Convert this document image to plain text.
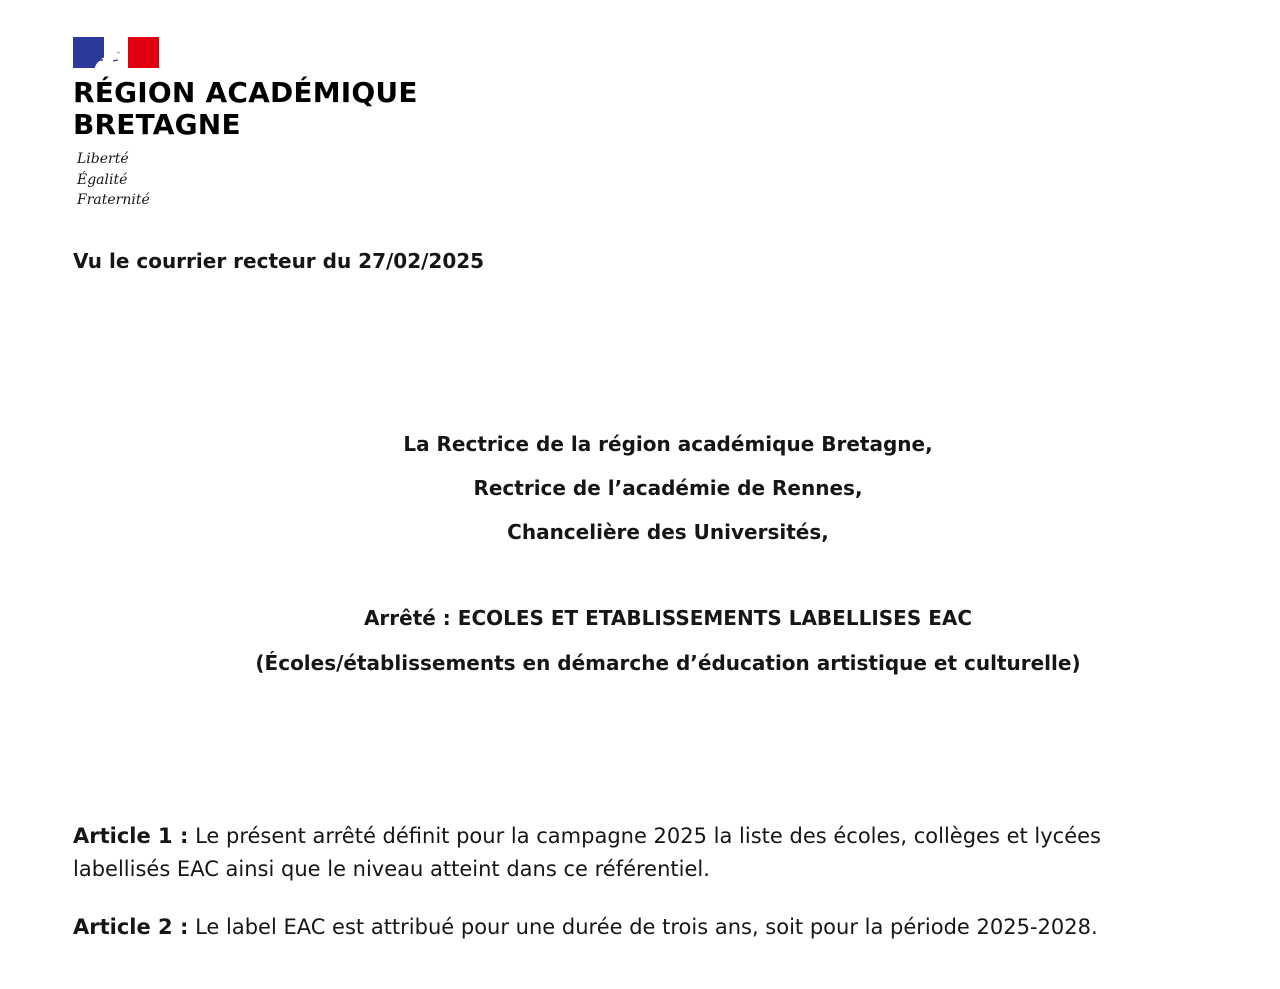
RÉGION ACADÉMIQUE
BRETAGNE
Liberté
Égalité
Fraternité
Vu le courrier recteur du 27/02/2025
La Rectrice de la région académique Bretagne,
Rectrice de l’académie de Rennes,
Chancelière des Universités,
Arrêté : ECOLES ET ETABLISSEMENTS LABELLISES EAC
(Écoles/établissements en démarche d’éducation artistique et culturelle)
Article 1 : Le présent arrêté définit pour la campagne 2025 la liste des écoles, collèges et lycées labellisés EAC ainsi que le niveau atteint dans ce référentiel.
Article 2 : Le label EAC est attribué pour une durée de trois ans, soit pour la période 2025-2028.
